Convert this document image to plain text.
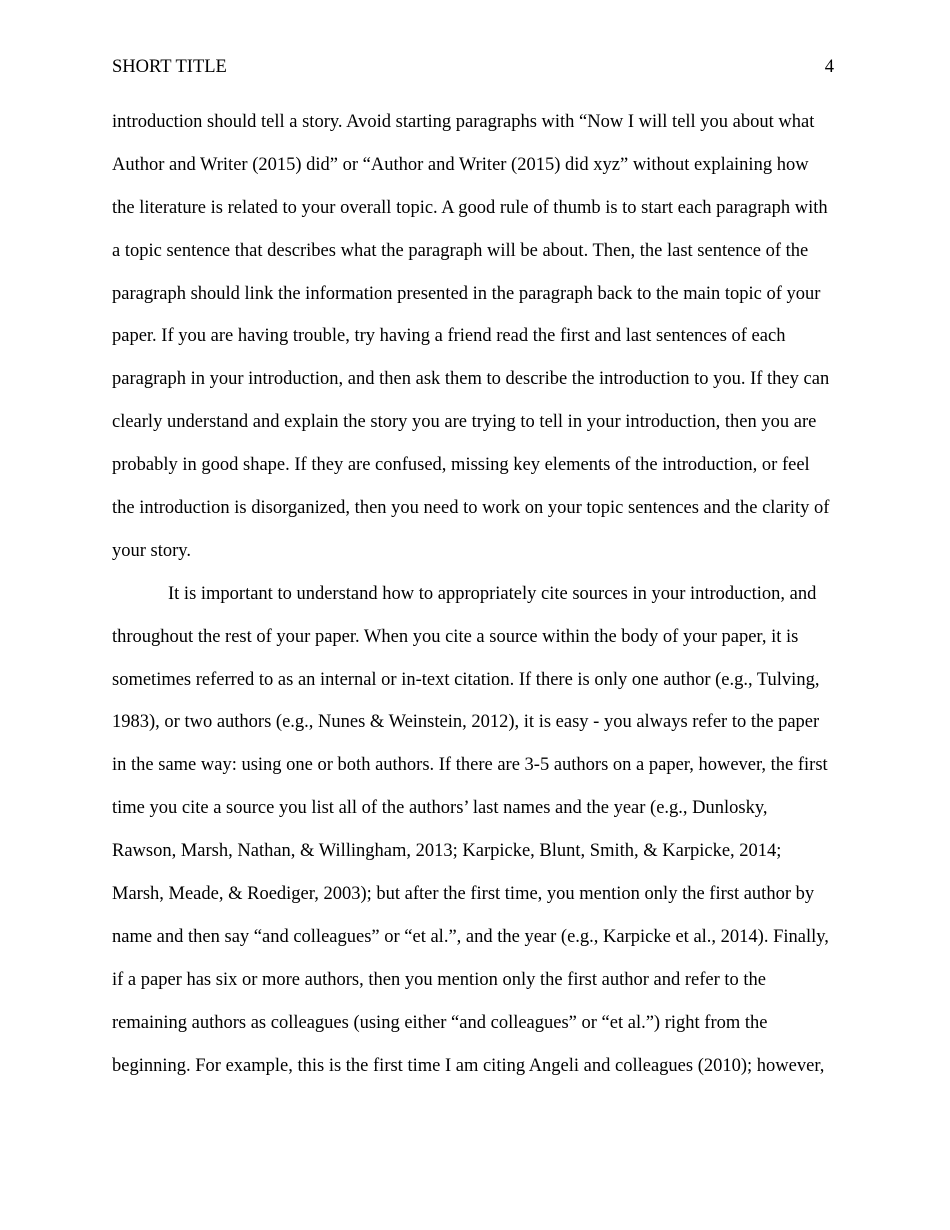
SHORT TITLE	4
introduction should tell a story. Avoid starting paragraphs with “Now I will tell you about what
Author and Writer (2015) did” or “Author and Writer (2015) did xyz” without explaining how
the literature is related to your overall topic. A good rule of thumb is to start each paragraph with
a topic sentence that describes what the paragraph will be about. Then, the last sentence of the
paragraph should link the information presented in the paragraph back to the main topic of your
paper. If you are having trouble, try having a friend read the first and last sentences of each
paragraph in your introduction, and then ask them to describe the introduction to you. If they can
clearly understand and explain the story you are trying to tell in your introduction, then you are
probably in good shape. If they are confused, missing key elements of the introduction, or feel
the introduction is disorganized, then you need to work on your topic sentences and the clarity of
your story.
It is important to understand how to appropriately cite sources in your introduction, and
throughout the rest of your paper. When you cite a source within the body of your paper, it is
sometimes referred to as an internal or in-text citation. If there is only one author (e.g., Tulving,
1983), or two authors (e.g., Nunes & Weinstein, 2012), it is easy - you always refer to the paper
in the same way: using one or both authors. If there are 3-5 authors on a paper, however, the first
time you cite a source you list all of the authors’ last names and the year (e.g., Dunlosky,
Rawson, Marsh, Nathan, & Willingham, 2013; Karpicke, Blunt, Smith, & Karpicke, 2014;
Marsh, Meade, & Roediger, 2003); but after the first time, you mention only the first author by
name and then say “and colleagues” or “et al.”, and the year (e.g., Karpicke et al., 2014). Finally,
if a paper has six or more authors, then you mention only the first author and refer to the
remaining authors as colleagues (using either “and colleagues” or “et al.”) right from the
beginning. For example, this is the first time I am citing Angeli and colleagues (2010); however,
